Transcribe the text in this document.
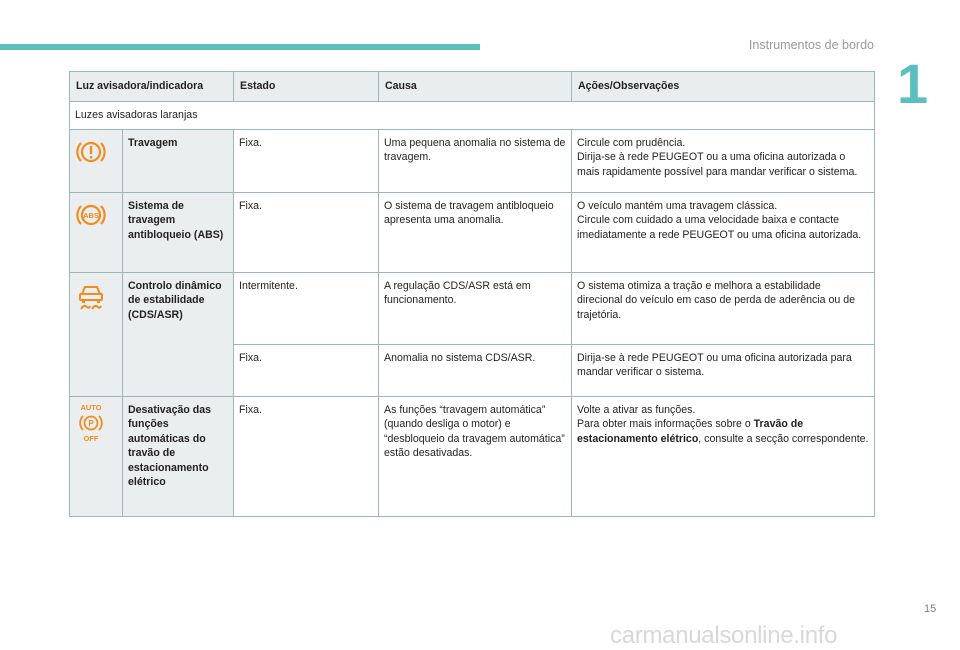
Instrumentos de bordo
1
Luz avisadora/indicadora		Estado	Causa	Ações/Observações
Luzes avisadoras laranjas				
	Travagem	Fixa.	Uma pequena anomalia no sistema de travagem.	Circule com prudência.
Dirija-se à rede PEUGEOT ou a uma oficina autorizada o mais rapidamente possível para mandar verificar o sistema.

ABS	Sistema de travagem antibloqueio (ABS)	Fixa.	O sistema de travagem antibloqueio apresenta uma anomalia.	O veículo mantém uma travagem clássica.
Circule com cuidado a uma velocidade baixa e contacte imediatamente a rede PEUGEOT ou uma oficina autorizada.
	Controlo dinâmico de estabilidade (CDS/ASR)	Intermitente.	A regulação CDS/ASR está em funcionamento.	O sistema otimiza a tração e melhora a estabilidade direcional do veículo em caso de perda de aderência ou de trajetória.
		Fixa.	Anomalia no sistema CDS/ASR.	Dirija-se à rede PEUGEOT ou uma oficina autorizada para mandar verificar o sistema.

AUTO
P
OFF	Desativação das funções automáticas do travão de estacionamento elétrico	Fixa.	As funções “travagem automática” (quando desliga o motor) e “desbloqueio da travagem automática” estão desativadas.	Volte a ativar as funções.
Para obter mais informações sobre o Travão de estacionamento elétrico, consulte a secção correspondente.
15
carmanualsonline.info
